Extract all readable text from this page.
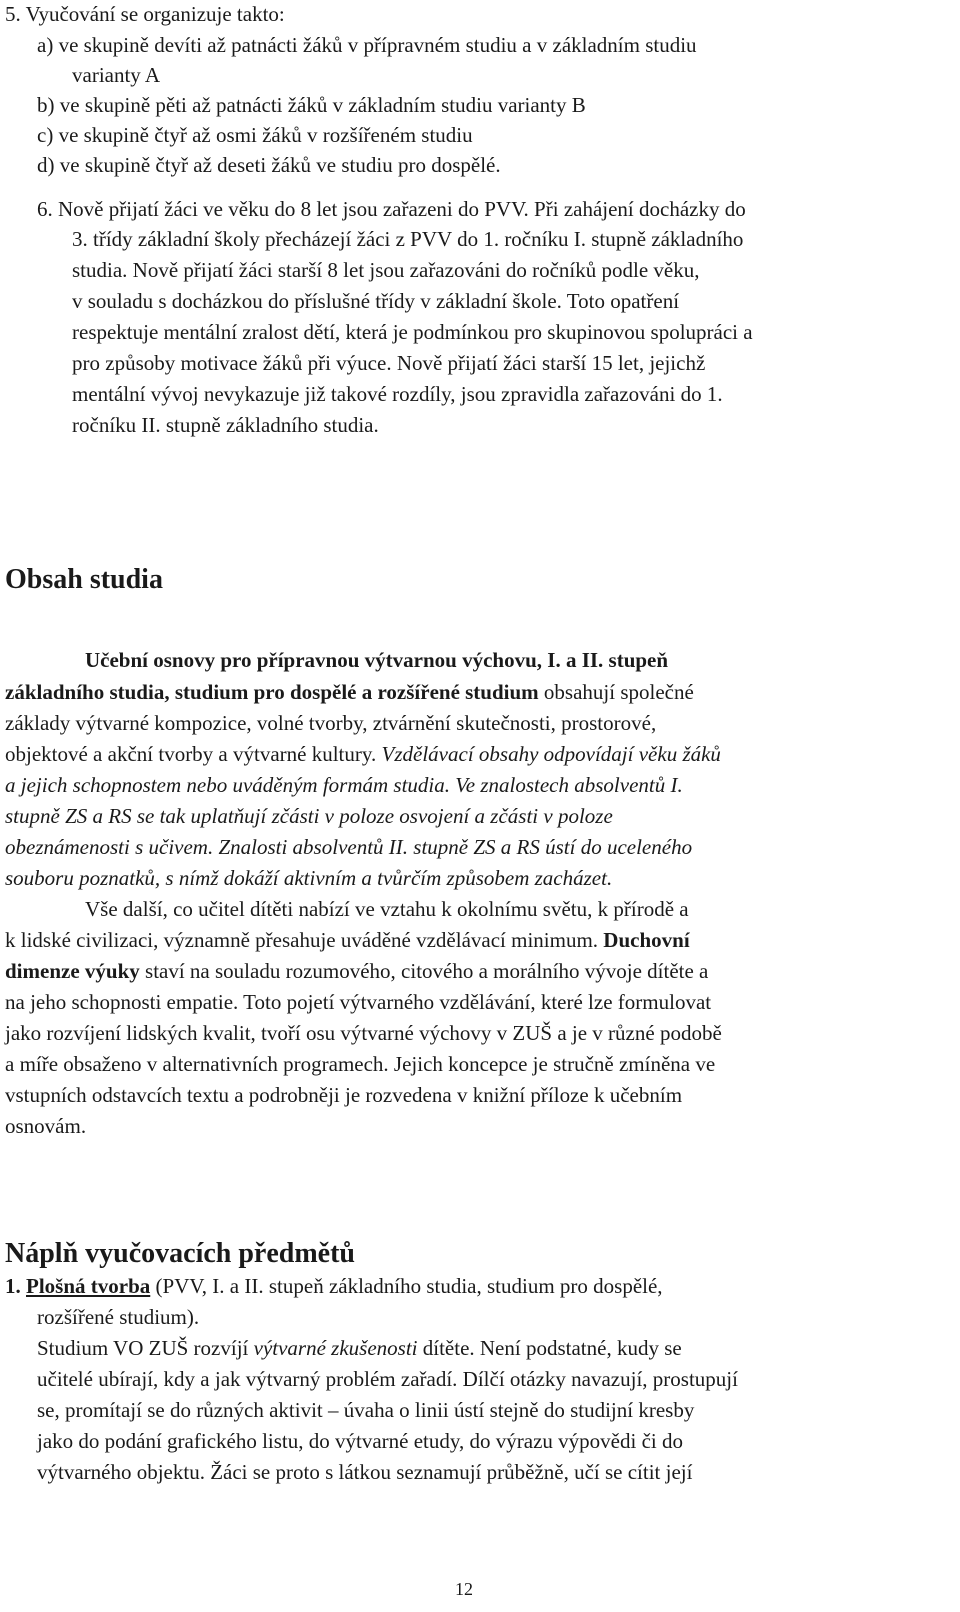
5. Vyučování se organizuje takto:
a) ve skupině devíti až patnácti žáků v přípravném studiu a v základním studiu
varianty A
b) ve skupině pěti až patnácti žáků v základním studiu varianty B
c) ve skupině čtyř až osmi žáků v rozšířeném studiu
d) ve skupině čtyř až deseti žáků ve studiu pro dospělé.
6. Nově přijatí žáci ve věku do 8 let jsou zařazeni do PVV. Při zahájení docházky do
3. třídy základní školy přecházejí žáci z PVV do 1. ročníku I. stupně základního
studia. Nově přijatí žáci starší 8 let jsou zařazováni do ročníků podle věku,
v souladu s docházkou do příslušné třídy v základní škole. Toto opatření
respektuje mentální zralost dětí, která je podmínkou pro skupinovou spolupráci a
pro způsoby motivace žáků při výuce. Nově přijatí žáci starší 15 let, jejichž
mentální vývoj nevykazuje již takové rozdíly, jsou zpravidla zařazováni do 1.
ročníku II. stupně základního studia.
Obsah studia
Učební osnovy pro přípravnou výtvarnou výchovu, I. a II. stupeň
základního studia, studium pro dospělé a rozšířené studium obsahují společné
základy výtvarné kompozice, volné tvorby, ztvárnění skutečnosti, prostorové,
objektové a akční tvorby a výtvarné kultury. Vzdělávací obsahy odpovídají věku žáků
a jejich schopnostem nebo uváděným formám studia. Ve znalostech absolventů I.
stupně ZS a RS se tak uplatňují zčásti v poloze osvojení a zčásti v poloze
obeznámenosti s učivem. Znalosti absolventů II. stupně ZS a RS ústí do uceleného
souboru poznatků, s nímž dokáží aktivním a tvůrčím způsobem zacházet.
Vše další, co učitel dítěti nabízí ve vztahu k okolnímu světu, k přírodě a
k lidské civilizaci, významně přesahuje uváděné vzdělávací minimum. Duchovní
dimenze výuky staví na souladu rozumového, citového a morálního vývoje dítěte a
na jeho schopnosti empatie. Toto pojetí výtvarného vzdělávání, které lze formulovat
jako rozvíjení lidských kvalit, tvoří osu výtvarné výchovy v ZUŠ a je v různé podobě
a míře obsaženo v alternativních programech. Jejich koncepce je stručně zmíněna ve
vstupních odstavcích textu a podrobněji je rozvedena v knižní příloze k učebním
osnovám.
Náplň vyučovacích předmětů
1. Plošná tvorba (PVV, I. a II. stupeň základního studia, studium pro dospělé,
rozšířené studium).
Studium VO ZUŠ rozvíjí výtvarné zkušenosti dítěte. Není podstatné, kudy se
učitelé ubírají, kdy a jak výtvarný problém zařadí. Dílčí otázky navazují, prostupují
se, promítají se do různých aktivit – úvaha o linii ústí stejně do studijní kresby
jako do podání grafického listu, do výtvarné etudy, do výrazu výpovědi či do
výtvarného objektu. Žáci se proto s látkou seznamují průběžně, učí se cítit její
12
